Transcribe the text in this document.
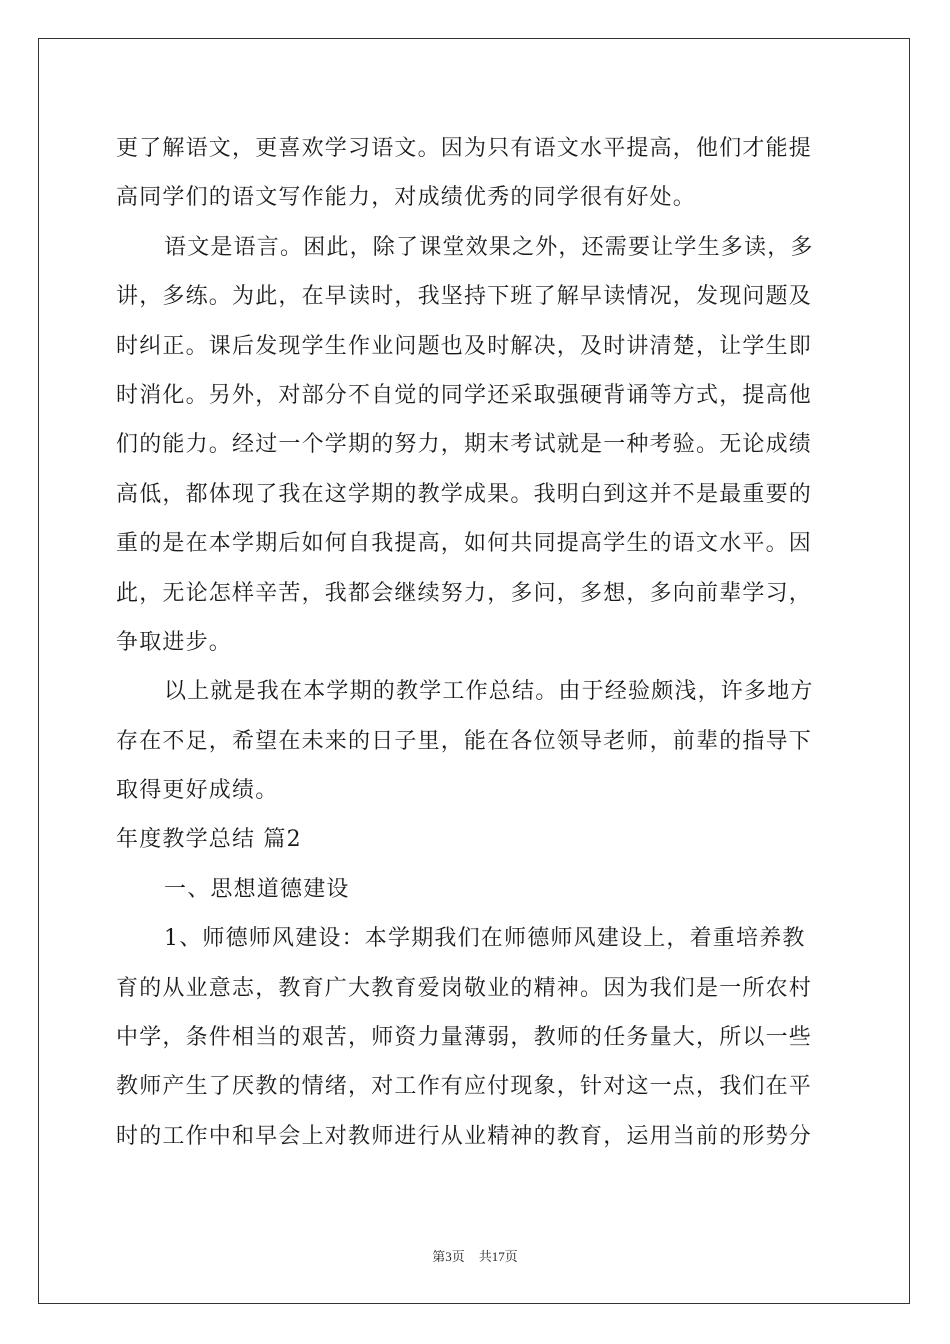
更了解语文，更喜欢学习语文。因为只有语文水平提高，他们才能提
高同学们的语文写作能力，对成绩优秀的同学很有好处。
语文是语言。困此，除了课堂效果之外，还需要让学生多读，多
讲，多练。为此，在早读时，我坚持下班了解早读情况，发现问题及
时纠正。课后发现学生作业问题也及时解决，及时讲清楚，让学生即
时消化。另外，对部分不自觉的同学还采取强硬背诵等方式，提高他
们的能力。经过一个学期的努力，期末考试就是一种考验。无论成绩
高低，都体现了我在这学期的教学成果。我明白到这并不是最重要的
重的是在本学期后如何自我提高，如何共同提高学生的语文水平。因
此，无论怎样辛苦，我都会继续努力，多问，多想，多向前辈学习，
争取进步。
以上就是我在本学期的教学工作总结。由于经验颇浅，许多地方
存在不足，希望在未来的日子里，能在各位领导老师，前辈的指导下
取得更好成绩。
年度教学总结 篇2
一、思想道德建设
1、师德师风建设：本学期我们在师德师风建设上，着重培养教
育的从业意志，教育广大教育爱岗敬业的精神。因为我们是一所农村
中学，条件相当的艰苦，师资力量薄弱，教师的任务量大，所以一些
教师产生了厌教的情绪，对工作有应付现象，针对这一点，我们在平
时的工作中和早会上对教师进行从业精神的教育，运用当前的形势分
第3页 共17页
